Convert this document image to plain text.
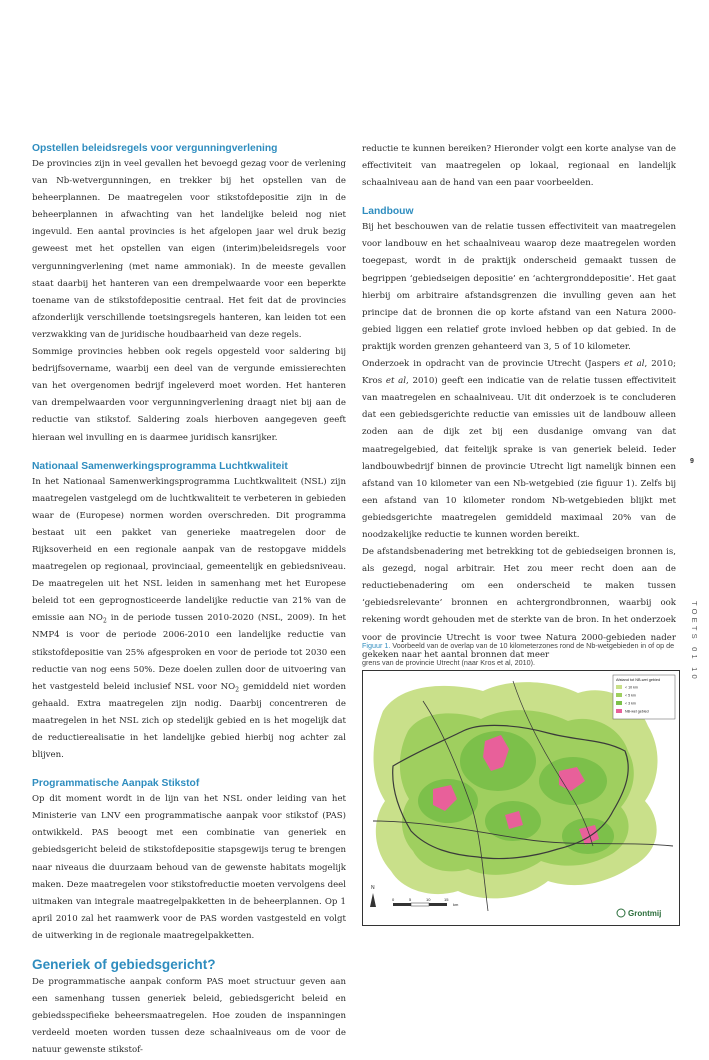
Opstellen beleidsregels voor vergunningverlening

De provincies zijn in veel gevallen het bevoegd gezag voor de verlening van Nb-wetvergunningen, en trekker bij het opstellen van de beheerplannen. De maatregelen voor stikstofdepositie zijn in de beheerplannen in afwachting van het landelijke beleid nog niet ingevuld. Een aantal provincies is het afgelopen jaar wel druk bezig geweest met het opstellen van eigen (interim)beleidsregels voor vergunningverlening (met name ammoniak). In de meeste gevallen staat daarbij het hanteren van een drempelwaarde voor een beperkte toename van de stikstofdepositie centraal. Het feit dat de provincies afzonderlijk verschillende toetsingsregels hanteren, kan leiden tot een verzwakking van de juridische houdbaarheid van deze regels.

Sommige provincies hebben ook regels opgesteld voor saldering bij bedrijfsovername, waarbij een deel van de vergunde emissierechten van het overgenomen bedrijf ingeleverd moet worden. Het hanteren van drempelwaarden voor vergunningverlening draagt niet bij aan de reductie van stikstof. Saldering zoals hierboven aangegeven geeft hieraan wel invulling en is daarmee juridisch kansrijker.

Nationaal Samenwerkingsprogramma Luchtkwaliteit

In het Nationaal Samenwerkingsprogramma Luchtkwaliteit (NSL) zijn maatregelen vastgelegd om de luchtkwaliteit te verbeteren in gebieden waar de (Europese) normen worden overschreden. Dit programma bestaat uit een pakket van generieke maatregelen door de Rijksoverheid en een regionale aanpak van de restopgave middels maatregelen op regionaal, provinciaal, gemeentelijk en gebiedsniveau. De maatregelen uit het NSL leiden in samenhang met het Europese beleid tot een geprognosticeerde landelijke reductie van 21% van de emissie aan $NO_2$ in de periode tussen 2010-2020 (NSL, 2009). In het NMP4 is voor de periode 2006-2010 een landelijke reductie van stikstofdepositie van 25% afgesproken en voor de periode tot 2030 een reductie van nog eens 50%. Deze doelen zullen door de uitvoering van het vastgesteld beleid inclusief NSL voor $NO_2$ gemiddeld niet worden gehaald. Extra maatregelen zijn nodig. Daarbij concentreren de maatregelen in het NSL zich op stedelijk gebied en is het mogelijk dat de reductierealisatie in het landelijke gebied hierbij nog achter zal blijven.

Programmatische Aanpak Stikstof

Op dit moment wordt in de lijn van het NSL onder leiding van het Ministerie van LNV een programmatische aanpak voor stikstof (PAS) ontwikkeld. PAS beoogt met een combinatie van generiek en gebiedsgericht beleid de stikstofdepositie stapsgewijs terug te brengen naar niveaus die duurzaam behoud van de gewenste habitats mogelijk maken. Deze maatregelen voor stikstofreductie moeten vervolgens deel uitmaken van integrale maatregelpakketten in de beheerplannen. Op 1 april 2010 zal het raamwerk voor de PAS worden vastgesteld en volgt de uitwerking in de regionale maatregelpakketten.

Generiek of gebiedsgericht?

De programmatische aanpak conform PAS moet structuur geven aan een samenhang tussen generiek beleid, gebiedsgericht beleid en gebiedsspecifieke beheersmaatregelen. Hoe zouden de inspanningen verdeeld moeten worden tussen deze schaalniveaus om de voor de natuur gewenste stikstof-

reductie te kunnen bereiken? Hieronder volgt een korte analyse van de effectiviteit van maatregelen op lokaal, regionaal en landelijk schaalniveau aan de hand van een paar voorbeelden.

Landbouw

Bij het beschouwen van de relatie tussen effectiviteit van maatregelen voor landbouw en het schaalniveau waarop deze maatregelen worden toegepast, wordt in de praktijk onderscheid gemaakt tussen de begrippen ‘gebiedseigen depositie’ en ‘achtergronddepositie’. Het gaat hierbij om arbitraire afstandsgrenzen die invulling geven aan het principe dat de bronnen die op korte afstand van een Natura 2000-gebied liggen een relatief grote invloed hebben op dat gebied. In de praktijk worden grenzen gehanteerd van 3, 5 of 10 kilometer.

Onderzoek in opdracht van de provincie Utrecht (Jaspers et al, 2010; Kros et al, 2010) geeft een indicatie van de relatie tussen effectiviteit van maatregelen en schaalniveau. Uit dit onderzoek is te concluderen dat een gebiedsgerichte reductie van emissies uit de landbouw alleen zoden aan de dijk zet bij een dusdanige omvang van dat maatregelgebied, dat feitelijk sprake is van generiek beleid. Ieder landbouwbedrijf binnen de provincie Utrecht ligt namelijk binnen een afstand van 10 kilometer van een Nb-wetgebied (zie figuur 1). Zelfs bij een afstand van 10 kilometer rondom Nb-wetgebieden blijkt met gebiedsgerichte maatregelen gemiddeld maximaal 20% van de noodzakelijke reductie te kunnen worden bereikt.

De afstandsbenadering met betrekking tot de gebiedseigen bronnen is, als gezegd, nogal arbitrair. Het zou meer recht doen aan de reductiebenadering om een onderscheid te maken tussen ‘gebiedsrelevante’ bronnen en achtergrondbronnen, waarbij ook rekening wordt gehouden met de sterkte van de bron. In het onderzoek voor de provincie Utrecht is voor twee Natura 2000-gebieden nader gekeken naar het aantal bronnen dat meer

9
TOETS 01 10
Figuur 1. Voorbeeld van de overlap van de 10 kilometerzones rond de Nb-wetgebieden in of op de grens van de provincie Utrecht (naar Kros et al, 2010).
Afstand tot NB-wet gebied
< 10 km
< 5 km
< 3 km
NB-wet gebied
N
0	5	10	15
km
Grontmij
